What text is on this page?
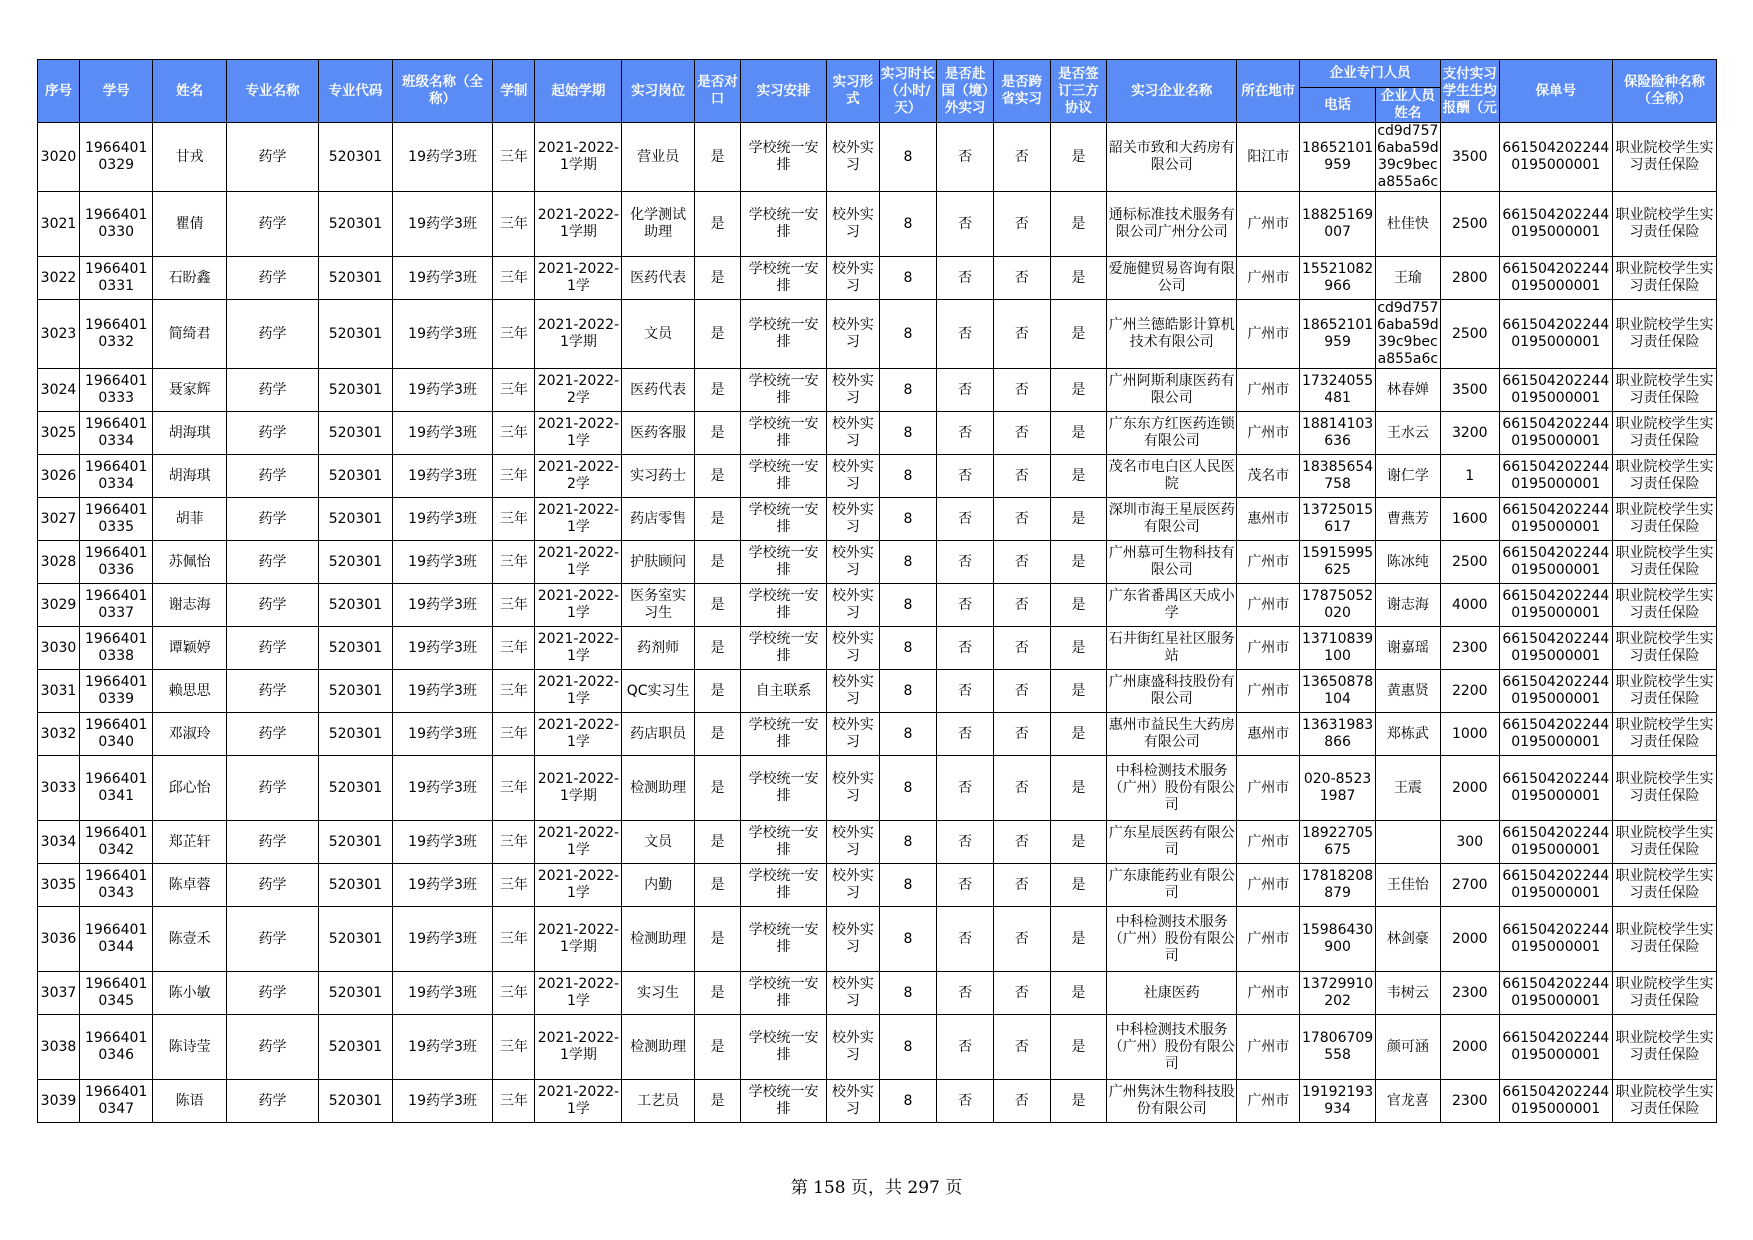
序号	学号	姓名	专业名称	专业代码	班级名称（全称）	学制	起始学期	实习岗位	是否对口	实习安排	实习形式	实习时长（小时/天）	是否赴国（境）外实习	是否跨省实习	是否签订三方协议	实习企业名称	所在地市	企业专门人员		支付实习学生生均报酬（元	保单号	保险险种名称（全称）
																		电话	企业人员姓名			
3020	19664010329	甘戎	药学	520301	19药学3班	三年	2021-2022-1学期	营业员	是	学校统一安排	校外实习	8	否	否	是	韶关市致和大药房有限公司	阳江市	18652101959	cd9d7576aba59d39c9beca855a6c	3500	6615042022440195000001	职业院校学生实习责任保险
3021	19664010330	瞿倩	药学	520301	19药学3班	三年	2021-2022-1学期	化学测试助理	是	学校统一安排	校外实习	8	否	否	是	通标标准技术服务有限公司广州分公司	广州市	18825169007	杜佳快	2500	6615042022440195000001	职业院校学生实习责任保险
3022	19664010331	石盼鑫	药学	520301	19药学3班	三年	2021-2022-1学	医药代表	是	学校统一安排	校外实习	8	否	否	是	爱施健贸易咨询有限公司	广州市	15521082966	王瑜	2800	6615042022440195000001	职业院校学生实习责任保险
3023	19664010332	简绮君	药学	520301	19药学3班	三年	2021-2022-1学期	文员	是	学校统一安排	校外实习	8	否	否	是	广州兰德皓影计算机技术有限公司	广州市	18652101959	cd9d7576aba59d39c9beca855a6c	2500	6615042022440195000001	职业院校学生实习责任保险
3024	19664010333	聂家辉	药学	520301	19药学3班	三年	2021-2022-2学	医药代表	是	学校统一安排	校外实习	8	否	否	是	广州阿斯利康医药有限公司	广州市	17324055481	林春婵	3500	6615042022440195000001	职业院校学生实习责任保险
3025	19664010334	胡海琪	药学	520301	19药学3班	三年	2021-2022-1学	医药客服	是	学校统一安排	校外实习	8	否	否	是	广东东方红医药连锁有限公司	广州市	18814103636	王水云	3200	6615042022440195000001	职业院校学生实习责任保险
3026	19664010334	胡海琪	药学	520301	19药学3班	三年	2021-2022-2学	实习药士	是	学校统一安排	校外实习	8	否	否	是	茂名市电白区人民医院	茂名市	18385654758	谢仁学	1	6615042022440195000001	职业院校学生实习责任保险
3027	19664010335	胡菲	药学	520301	19药学3班	三年	2021-2022-1学	药店零售	是	学校统一安排	校外实习	8	否	否	是	深圳市海王星辰医药有限公司	惠州市	13725015617	曹燕芳	1600	6615042022440195000001	职业院校学生实习责任保险
3028	19664010336	苏佩怡	药学	520301	19药学3班	三年	2021-2022-1学	护肤顾问	是	学校统一安排	校外实习	8	否	否	是	广州慕可生物科技有限公司	广州市	15915995625	陈冰纯	2500	6615042022440195000001	职业院校学生实习责任保险
3029	19664010337	谢志海	药学	520301	19药学3班	三年	2021-2022-1学	医务室实习生	是	学校统一安排	校外实习	8	否	否	是	广东省番禺区天成小学	广州市	17875052020	谢志海	4000	6615042022440195000001	职业院校学生实习责任保险
3030	19664010338	谭颖婷	药学	520301	19药学3班	三年	2021-2022-1学	药剂师	是	学校统一安排	校外实习	8	否	否	是	石井街红星社区服务站	广州市	13710839100	谢嘉瑶	2300	6615042022440195000001	职业院校学生实习责任保险
3031	19664010339	赖思思	药学	520301	19药学3班	三年	2021-2022-1学	QC实习生	是	自主联系	校外实习	8	否	否	是	广州康盛科技股份有限公司	广州市	13650878104	黄惠贤	2200	6615042022440195000001	职业院校学生实习责任保险
3032	19664010340	邓淑玲	药学	520301	19药学3班	三年	2021-2022-1学	药店职员	是	学校统一安排	校外实习	8	否	否	是	惠州市益民生大药房有限公司	惠州市	13631983866	郑栋武	1000	6615042022440195000001	职业院校学生实习责任保险
3033	19664010341	邱心怡	药学	520301	19药学3班	三年	2021-2022-1学期	检测助理	是	学校统一安排	校外实习	8	否	否	是	中科检测技术服务（广州）股份有限公司	广州市	020-85231987	王震	2000	6615042022440195000001	职业院校学生实习责任保险
3034	19664010342	郑芷轩	药学	520301	19药学3班	三年	2021-2022-1学	文员	是	学校统一安排	校外实习	8	否	否	是	广东星辰医药有限公司	广州市	18922705675		300	6615042022440195000001	职业院校学生实习责任保险
3035	19664010343	陈卓蓉	药学	520301	19药学3班	三年	2021-2022-1学	内勤	是	学校统一安排	校外实习	8	否	否	是	广东康能药业有限公司	广州市	17818208879	王佳怡	2700	6615042022440195000001	职业院校学生实习责任保险
3036	19664010344	陈壹禾	药学	520301	19药学3班	三年	2021-2022-1学期	检测助理	是	学校统一安排	校外实习	8	否	否	是	中科检测技术服务（广州）股份有限公司	广州市	15986430900	林剑豪	2000	6615042022440195000001	职业院校学生实习责任保险
3037	19664010345	陈小敏	药学	520301	19药学3班	三年	2021-2022-1学	实习生	是	学校统一安排	校外实习	8	否	否	是	社康医药	广州市	13729910202	韦树云	2300	6615042022440195000001	职业院校学生实习责任保险
3038	19664010346	陈诗莹	药学	520301	19药学3班	三年	2021-2022-1学期	检测助理	是	学校统一安排	校外实习	8	否	否	是	中科检测技术服务（广州）股份有限公司	广州市	17806709558	颜可涵	2000	6615042022440195000001	职业院校学生实习责任保险
3039	19664010347	陈语	药学	520301	19药学3班	三年	2021-2022-1学	工艺员	是	学校统一安排	校外实习	8	否	否	是	广州隽沐生物科技股份有限公司	广州市	19192193934	官龙喜	2300	6615042022440195000001	职业院校学生实习责任保险
第 158 页，共 297 页
